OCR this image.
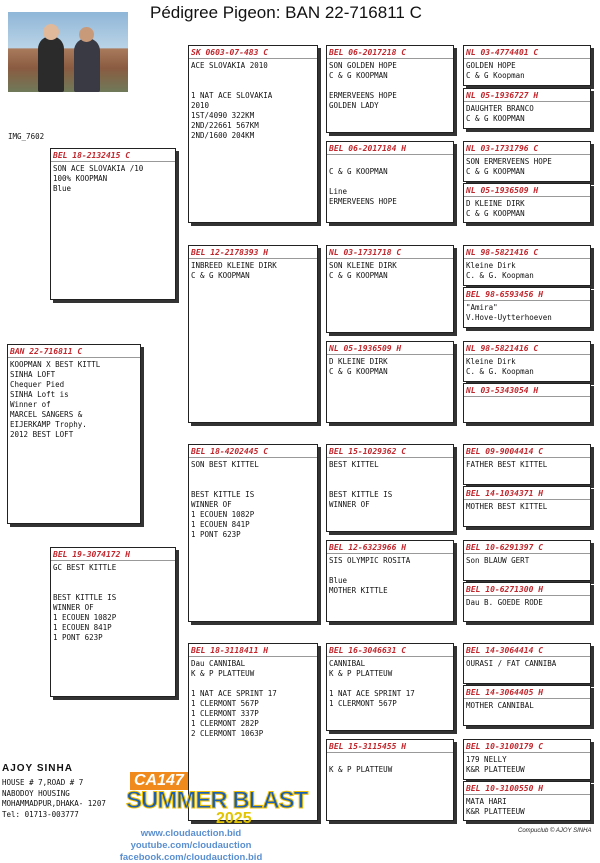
Pédigree Pigeon: BAN 22-716811 C
IMG_7602
BAN 22-716811 C
KOOPMAN X BEST KITTL
SINHA LOFT
Chequer Pied
SINHA Loft is
Winner of
MARCEL SANGERS &
EIJERKAMP Trophy.
2012 BEST LOFT
BEL 18-2132415 C
SON ACE SLOVAKIA /10
100% KOOPMAN
Blue
BEL 19-3074172 H
GC BEST KITTLE

BEST KITTLE IS
WINNER OF
1 ECOUEN 1082P
1 ECOUEN 841P
1 PONT 623P
SK 0603-07-483 C
ACE SLOVAKIA 2010

1 NAT ACE SLOVAKIA
2010
1ST/4090 322KM
2ND/22661 567KM
2ND/1600 204KM
BEL 12-2178393 H
INBREED KLEINE DIRK
C & G KOOPMAN
BEL 18-4202445 C
SON BEST KITTEL

BEST KITTLE IS
WINNER OF
1 ECOUEN 1082P
1 ECOUEN 841P
1 PONT 623P
BEL 18-3118411 H
Dau CANNIBAL
K & P PLATTEUW

1 NAT ACE SPRINT 17
1 CLERMONT 567P
1 CLERMONT 337P
1 CLERMONT 282P
2 CLERMONT 1063P
BEL 06-2017218 C
SON GOLDEN HOPE
C & G KOOPMAN

ERMERVEENS HOPE
GOLDEN LADY
BEL 06-2017184 H

C & G KOOPMAN

Line
ERMERVEENS HOPE
NL 03-1731718 C
SON KLEINE DIRK
C & G KOOPMAN
NL 05-1936509 H
D KLEINE DIRK
C & G KOOPMAN
BEL 15-1029362 C
BEST KITTEL

BEST KITTLE IS
WINNER OF
BEL 12-6323966 H
SIS OLYMPIC ROSITA

Blue
MOTHER KITTLE
BEL 16-3046631 C
CANNIBAL
K & P PLATTEUW

1 NAT ACE SPRINT 17
1 CLERMONT 567P
BEL 15-3115455 H

K & P PLATTEUW
NL 03-4774401 C
GOLDEN HOPE
C & G Koopman
NL 05-1936727 H
DAUGHTER BRANCO
C & G KOOPMAN
NL 03-1731796 C
SON ERMERVEENS HOPE
C & G KOOPMAN
NL 05-1936509 H
D KLEINE DIRK
C & G KOOPMAN
NL 98-5821416 C
Kleine Dirk
C. & G. Koopman
BEL 98-6593456 H
"Amira"
V.Hove-Uytterhoeven
NL 98-5821416 C
Kleine Dirk
C. & G. Koopman
NL 03-5343054 H
BEL 09-9004414 C
FATHER BEST KITTEL
BEL 14-1034371 H
MOTHER BEST KITTEL
BEL 10-6291397 C
Son BLAUW GERT
BEL 10-6271300 H
Dau B. GOEDE RODE
BEL 14-3064414 C
OURASI / FAT CANNIBA
BEL 14-3064405 H
MOTHER CANNIBAL
BEL 10-3100179 C
179 NELLY
K&R PLATTEEUW
BEL 10-3100550 H
MATA HARI
K&R PLATTEEUW
AJOY SINHA
HOUSE # 7,ROAD # 7
NABODOY HOUSING
MOHAMMADPUR,DHAKA- 1207
Tel: 01713-003777
CA147
SUMMER BLAST
2025
www.cloudauction.bid
youtube.com/cloudauction
facebook.com/cloudauction.bid
Compuclub © AJOY SINHA
